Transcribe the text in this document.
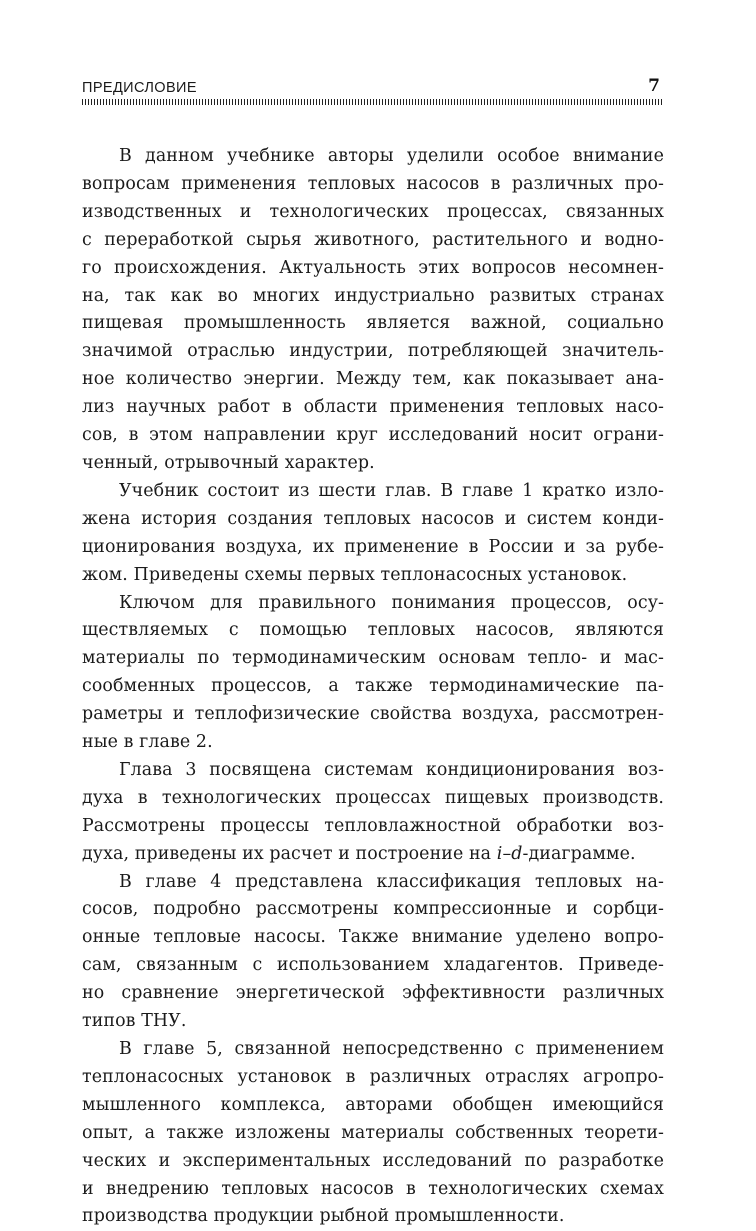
ПРЕДИСЛОВИЕ	7

В данном учебнике авторы уделили особое внимание
вопросам применения тепловых насосов в различных про-
изводственных и технологических процессах, связанных
с переработкой сырья животного, растительного и водно-
го происхождения. Актуальность этих вопросов несомнен-
на, так как во многих индустриально развитых странах
пищевая промышленность является важной, социально
значимой отраслью индустрии, потребляющей значитель-
ное количество энергии. Между тем, как показывает ана-
лиз научных работ в области применения тепловых насо-
сов, в этом направлении круг исследований носит ограни-
ченный, отрывочный характер.

Учебник состоит из шести глав. В главе 1 кратко изло-
жена история создания тепловых насосов и систем конди-
ционирования воздуха, их применение в России и за рубе-
жом. Приведены схемы первых теплонасосных установок.

Ключом для правильного понимания процессов, осу-
ществляемых с помощью тепловых насосов, являются
материалы по термодинамическим основам тепло- и мас-
сообменных процессов, а также термодинамические па-
раметры и теплофизические свойства воздуха, рассмотрен-
ные в главе 2.

Глава 3 посвящена системам кондиционирования воз-
духа в технологических процессах пищевых производств.
Рассмотрены процессы тепловлажностной обработки воз-
духа, приведены их расчет и построение на i–d-диаграмме.

В главе 4 представлена классификация тепловых на-
сосов, подробно рассмотрены компрессионные и сорбци-
онные тепловые насосы. Также внимание уделено вопро-
сам, связанным с использованием хладагентов. Приведе-
но сравнение энергетической эффективности различных
типов ТНУ.

В главе 5, связанной непосредственно с применением
теплонасосных установок в различных отраслях агропро-
мышленного комплекса, авторами обобщен имеющийся
опыт, а также изложены материалы собственных теорети-
ческих и экспериментальных исследований по разработке
и внедрению тепловых насосов в технологических схемах
производства продукции рыбной промышленности.
